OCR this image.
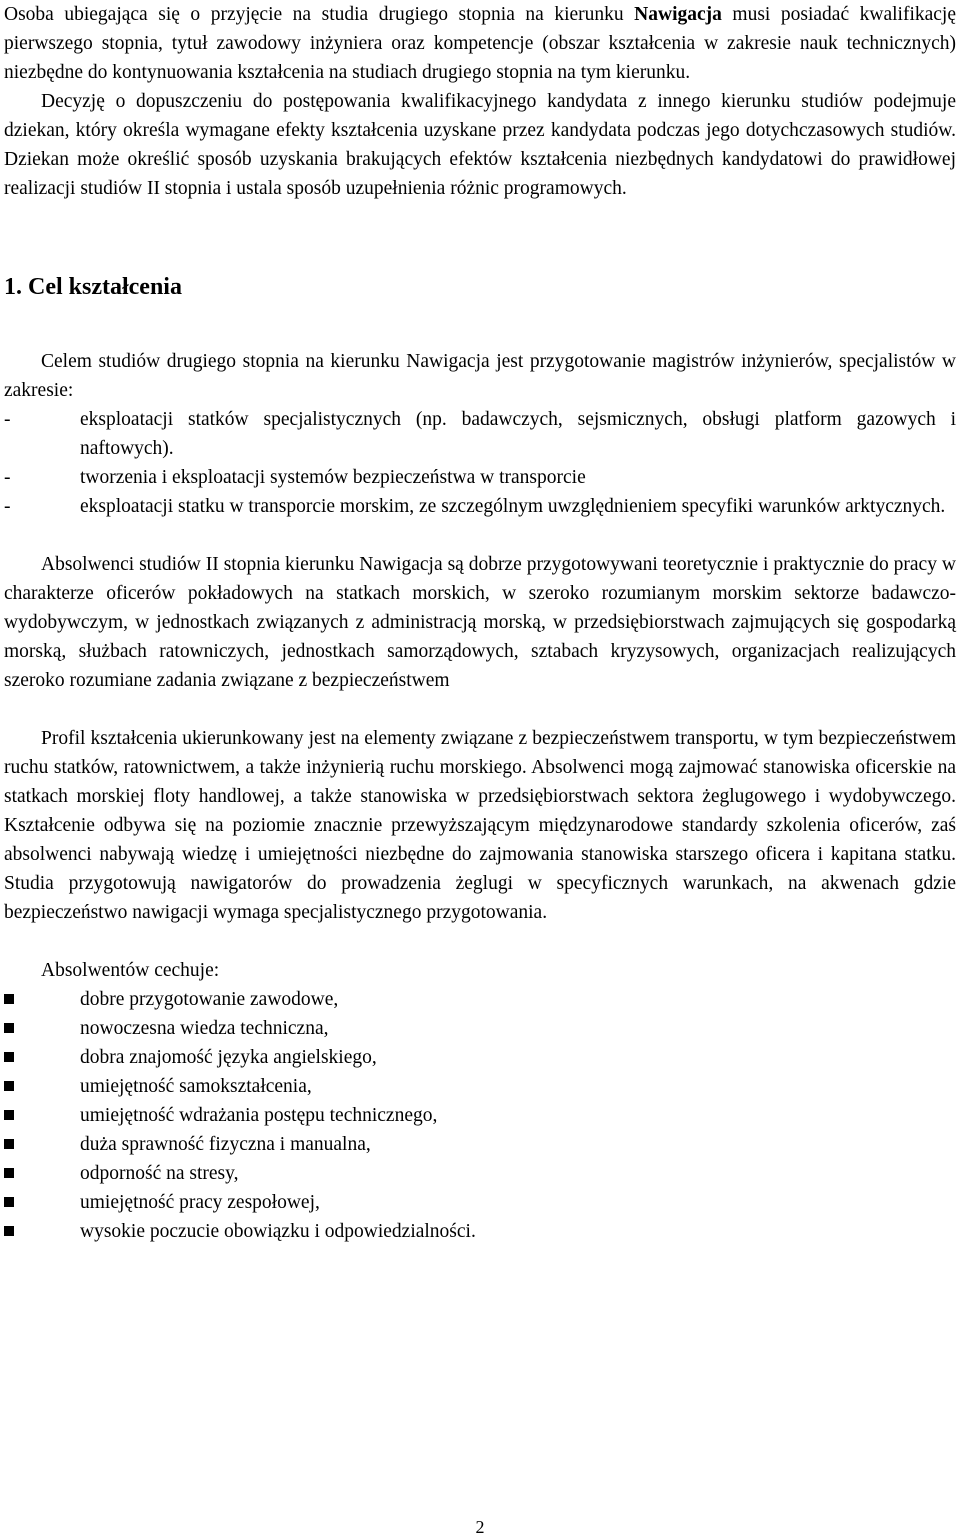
Osoba ubiegająca się o przyjęcie na studia drugiego stopnia na kierunku Nawigacja musi posiadać kwalifikację pierwszego stopnia, tytuł zawodowy inżyniera oraz kompetencje (obszar kształcenia w zakresie nauk technicznych) niezbędne do kontynuowania kształcenia na studiach drugiego stopnia na tym kierunku.

Decyzję o dopuszczeniu do postępowania kwalifikacyjnego kandydata z innego kierunku studiów podejmuje dziekan, który określa wymagane efekty kształcenia uzyskane przez kandydata podczas jego dotychczasowych studiów. Dziekan może określić sposób uzyskania brakujących efektów kształcenia niezbędnych kandydatowi do prawidłowej realizacji studiów II stopnia i ustala sposób uzupełnienia różnic programowych.

1. Cel kształcenia

Celem studiów drugiego stopnia na kierunku Nawigacja jest przygotowanie magistrów inżynierów, specjalistów w zakresie:

-	eksploatacji statków specjalistycznych (np. badawczych, sejsmicznych, obsługi platform gazowych i naftowych).
-	tworzenia i eksploatacji systemów bezpieczeństwa w transporcie
-	eksploatacji statku w transporcie morskim, ze szczególnym uwzględnieniem specyfiki warunków arktycznych.

Absolwenci studiów II stopnia kierunku Nawigacja są dobrze przygotowywani teoretycznie i praktycznie do pracy w charakterze oficerów pokładowych na statkach morskich, w szeroko rozumianym morskim sektorze badawczo-wydobywczym, w jednostkach związanych z administracją morską, w przedsiębiorstwach zajmujących się gospodarką morską, służbach ratowniczych, jednostkach samorządowych, sztabach kryzysowych, organizacjach realizujących szeroko rozumiane zadania związane z bezpieczeństwem

Profil kształcenia ukierunkowany jest na elementy związane z bezpieczeństwem transportu, w tym bezpieczeństwem ruchu statków, ratownictwem, a także inżynierią ruchu morskiego. Absolwenci mogą zajmować stanowiska oficerskie na statkach morskiej floty handlowej, a także stanowiska w przedsiębiorstwach sektora żeglugowego i wydobywczego. Kształcenie odbywa się na poziomie znacznie przewyższającym międzynarodowe standardy szkolenia oficerów, zaś absolwenci nabywają wiedzę i umiejętności niezbędne do zajmowania stanowiska starszego oficera i kapitana statku. Studia przygotowują nawigatorów do prowadzenia żeglugi w specyficznych warunkach, na akwenach gdzie bezpieczeństwo nawigacji wymaga specjalistycznego przygotowania.

Absolwentów cechuje:

dobre przygotowanie zawodowe,
nowoczesna wiedza techniczna,
dobra znajomość języka angielskiego,
umiejętność samokształcenia,
umiejętność wdrażania postępu technicznego,
duża sprawność fizyczna i manualna,
odporność na stresy,
umiejętność pracy zespołowej,
wysokie poczucie obowiązku i odpowiedzialności.
2
